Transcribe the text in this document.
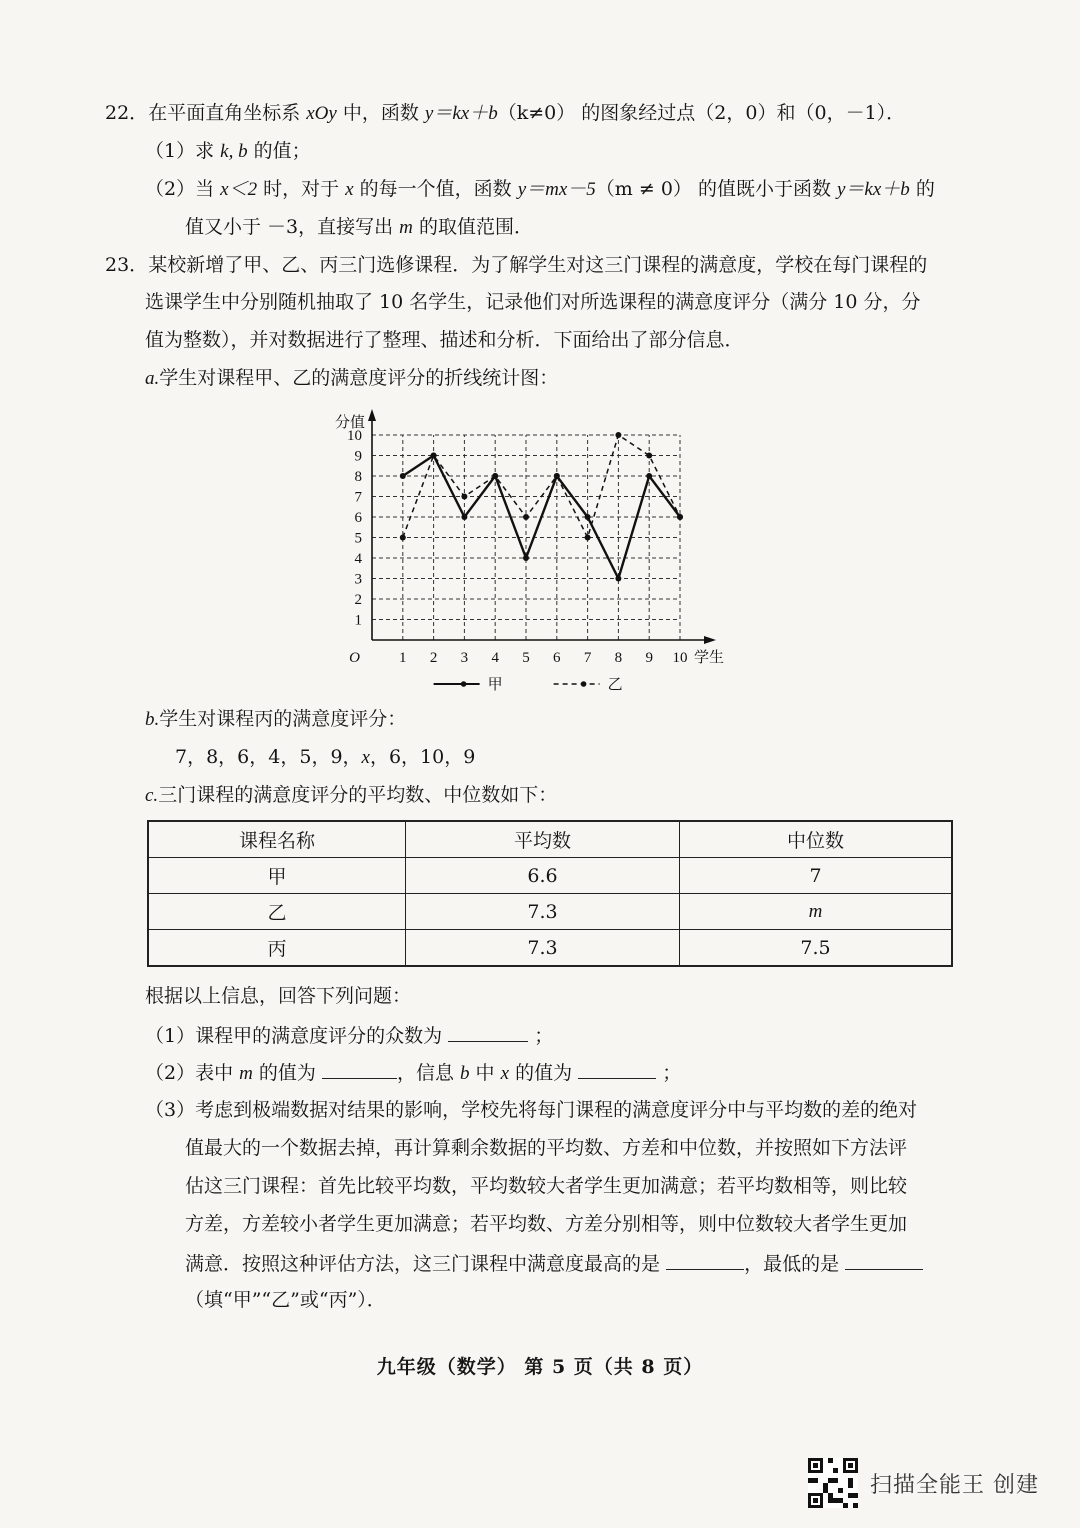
22．在平面直角坐标系 xOy 中，函数 y＝kx＋b（k≠0） 的图象经过点（2，0）和（0，－1）．
（1）求 k, b 的值；
（2）当 x＜2 时，对于 x 的每一个值，函数 y＝mx－5（m ≠ 0） 的值既小于函数 y＝kx＋b 的
值又小于 －3，直接写出 m 的取值范围．
23．某校新增了甲、乙、丙三门选修课程．为了解学生对这三门课程的满意度，学校在每门课程的
选课学生中分别随机抽取了 10 名学生，记录他们对所选课程的满意度评分（满分 10 分，分
值为整数），并对数据进行了整理、描述和分析．下面给出了部分信息．
a.学生对课程甲、乙的满意度评分的折线统计图：
1
2
3
4
5
6
7
8
9
10
1 2 3 4 5 6 7 8 9 10
O
分值
学生
甲	乙
b.学生对课程丙的满意度评分：
7，8，6，4，5，9，x，6，10，9
c.三门课程的满意度评分的平均数、中位数如下：
课程名称	平均数	中位数
甲	6.6	7
乙	7.3	m
丙	7.3	7.5
根据以上信息，回答下列问题：
（1）课程甲的满意度评分的众数为	；
（2）表中 m 的值为	，信息 b 中 x 的值为	；
（3）考虑到极端数据对结果的影响，学校先将每门课程的满意度评分中与平均数的差的绝对
值最大的一个数据去掉，再计算剩余数据的平均数、方差和中位数，并按照如下方法评
估这三门课程：首先比较平均数，平均数较大者学生更加满意；若平均数相等，则比较
方差，方差较小者学生更加满意；若平均数、方差分别相等，则中位数较大者学生更加
满意．按照这种评估方法，这三门课程中满意度最高的是	，最低的是
（填“甲”“乙”或“丙”）．
九年级（数学） 第 5 页（共 8 页）
扫描全能王 创建
